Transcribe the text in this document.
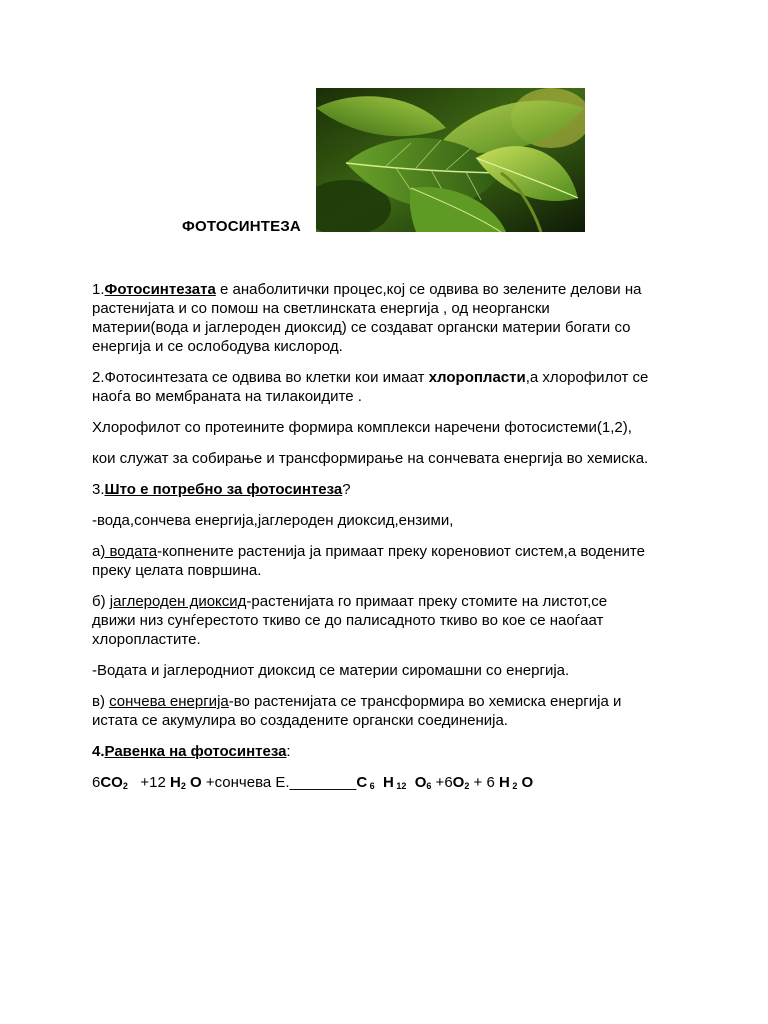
ФОТОСИНТЕЗА

1.Фотосинтезата е анаболитички процес,кој се одвива во зелените делови на
растенијата и со помош на светлинската енергија , од неоргански
материи(вода и јаглероден диоксид) се создават органски материи богати со
енергија и се ослободува кислород.

2.Фотосинтезата се одвива во клетки кои имаат хлоропласти,а хлорофилот се
наоѓа во мембраната на тилакоидите .

Хлорофилот со протеините формира комплекси наречени фотосистеми(1,2),

кои служат за собирање и трансформирање на сончевата енергија во хемиска.

3.Што е потребно за фотосинтеза?

-вода,сончева енергија,јаглероден диоксид,ензими,

а) водата-копнените растенија ја примаат преку кореновиот систем,а водените
преку целата површина.

б) јаглероден диоксид-растенијата го примаат преку стомите на листот,се
движи низ сунѓерестото ткиво се до палисадното ткиво во кое се наоѓаат
хлоропластите.

-Водата и јаглеродниот диоксид се материи сиромашни со енергија.

в) сончева енергија-во растенијата се трансформира во хемиска енергија и
истата се акумулира во создадените органски соединенија.

4.Равенка на фотосинтеза:

$6CO_2 +12$ $H_2$ O +сончева Е.________C $_6$  H $_{12}$  $O_6 +6O_2 + 6$ H $_2$ O
